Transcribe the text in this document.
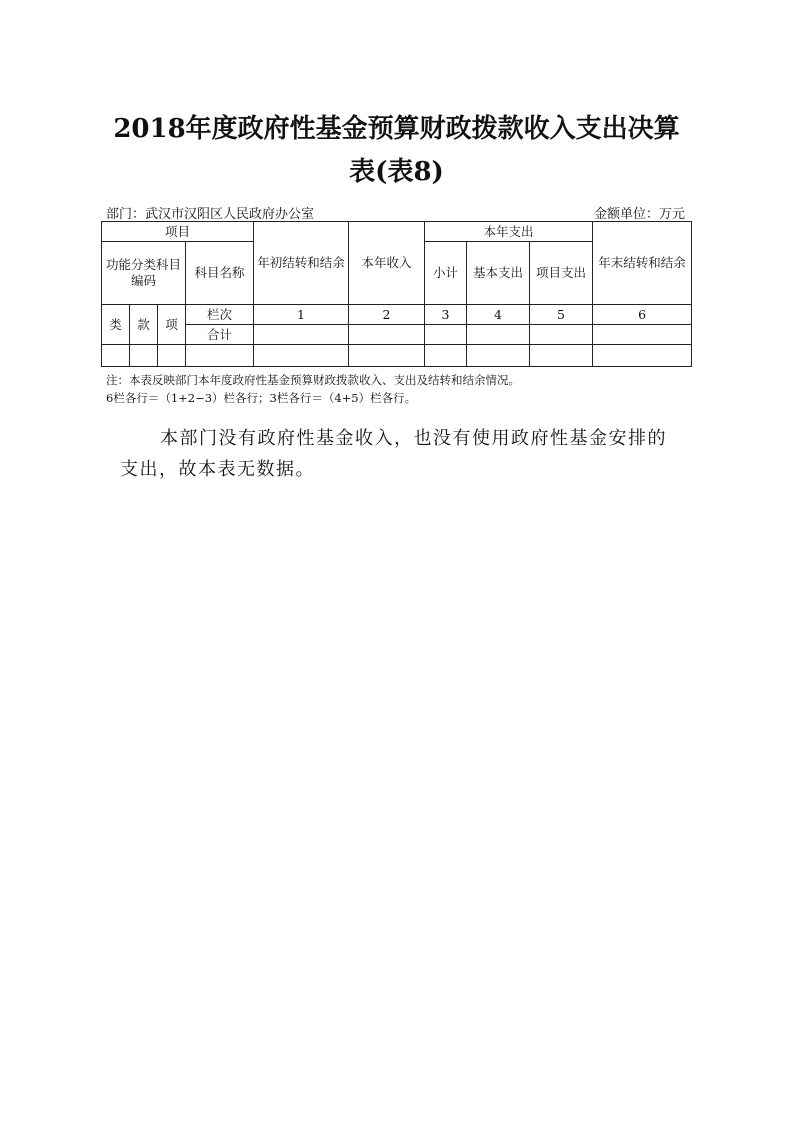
2018年度政府性基金预算财政拨款收入支出决算
表(表8)
部门：武汉市汉阳区人民政府办公室	金额单位：万元
项目				年初结转和结余	本年收入	本年支出			年末结转和结余
功能分类科目编码			科目名称			小计	基本支出	项目支出	
类	款	项	栏次	1	2	3	4	5	6
			合计						

注：本表反映部门本年度政府性基金预算财政拨款收入、支出及结转和结余情况。
6栏各行＝（1+2−3）栏各行；3栏各行＝（4+5）栏各行。
本部门没有政府性基金收入，也没有使用政府性基金安排的支出，故本表无数据。
